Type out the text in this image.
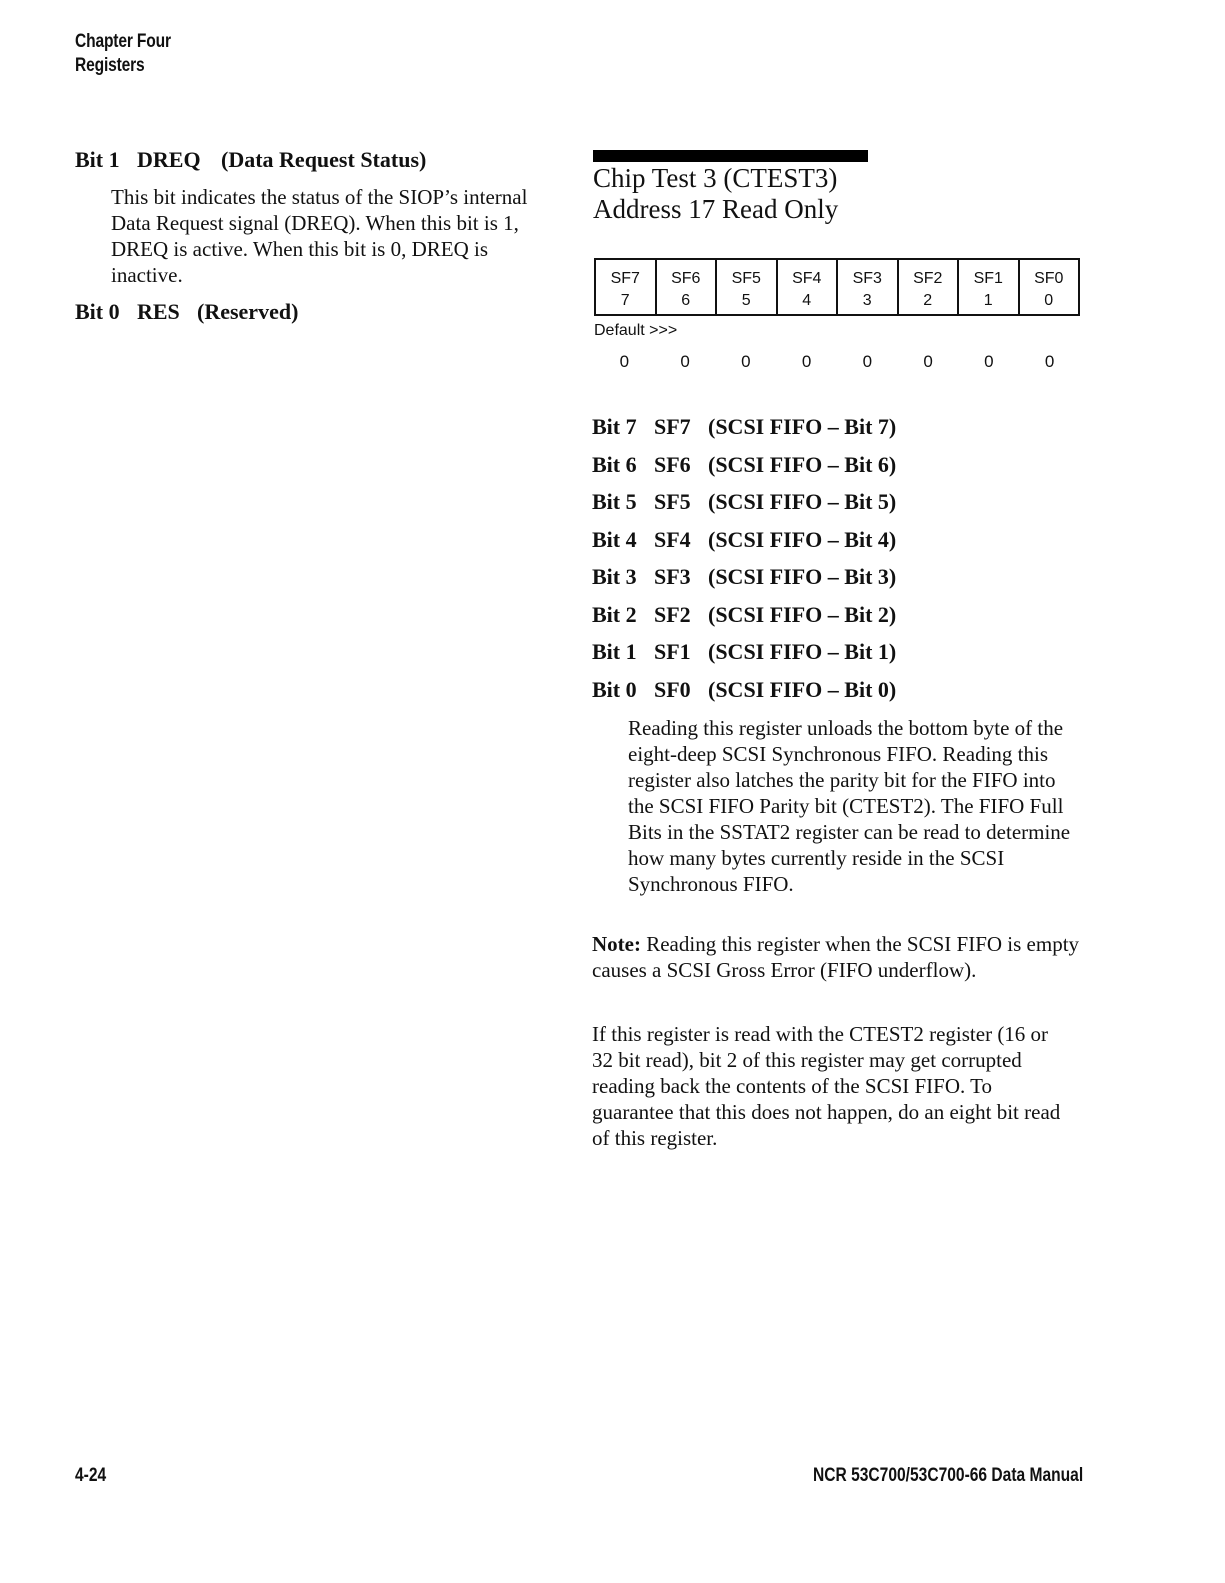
Chapter Four
Registers
Bit 1 DREQ (Data Request Status)
This bit indicates the status of the SIOP’s internal Data Request signal (DREQ). When this bit is 1, DREQ is active. When this bit is 0, DREQ is inactive.
Bit 0 RES (Reserved)
Chip Test 3 (CTEST3)
Address 17 Read Only
SF7	SF6	SF5	SF4	SF3	SF2	SF1	SF0
7	6	5	4	3	2	1	0
Default >>>
0	0	0	0	0	0	0	0
Bit 7 SF7 (SCSI FIFO – Bit 7)
Bit 6 SF6 (SCSI FIFO – Bit 6)
Bit 5 SF5 (SCSI FIFO – Bit 5)
Bit 4 SF4 (SCSI FIFO – Bit 4)
Bit 3 SF3 (SCSI FIFO – Bit 3)
Bit 2 SF2 (SCSI FIFO – Bit 2)
Bit 1 SF1 (SCSI FIFO – Bit 1)
Bit 0 SF0 (SCSI FIFO – Bit 0)
Reading this register unloads the bottom byte of the eight-deep SCSI Synchronous FIFO. Reading this register also latches the parity bit for the FIFO into the SCSI FIFO Parity bit (CTEST2). The FIFO Full Bits in the SSTAT2 register can be read to determine how many bytes currently reside in the SCSI Synchronous FIFO.
Note: Reading this register when the SCSI FIFO is empty causes a SCSI Gross Error (FIFO underflow).
If this register is read with the CTEST2 register (16 or 32 bit read), bit 2 of this register may get corrupted reading back the contents of the SCSI FIFO. To guarantee that this does not happen, do an eight bit read of this register.
4-24	NCR 53C700/53C700-66 Data Manual
